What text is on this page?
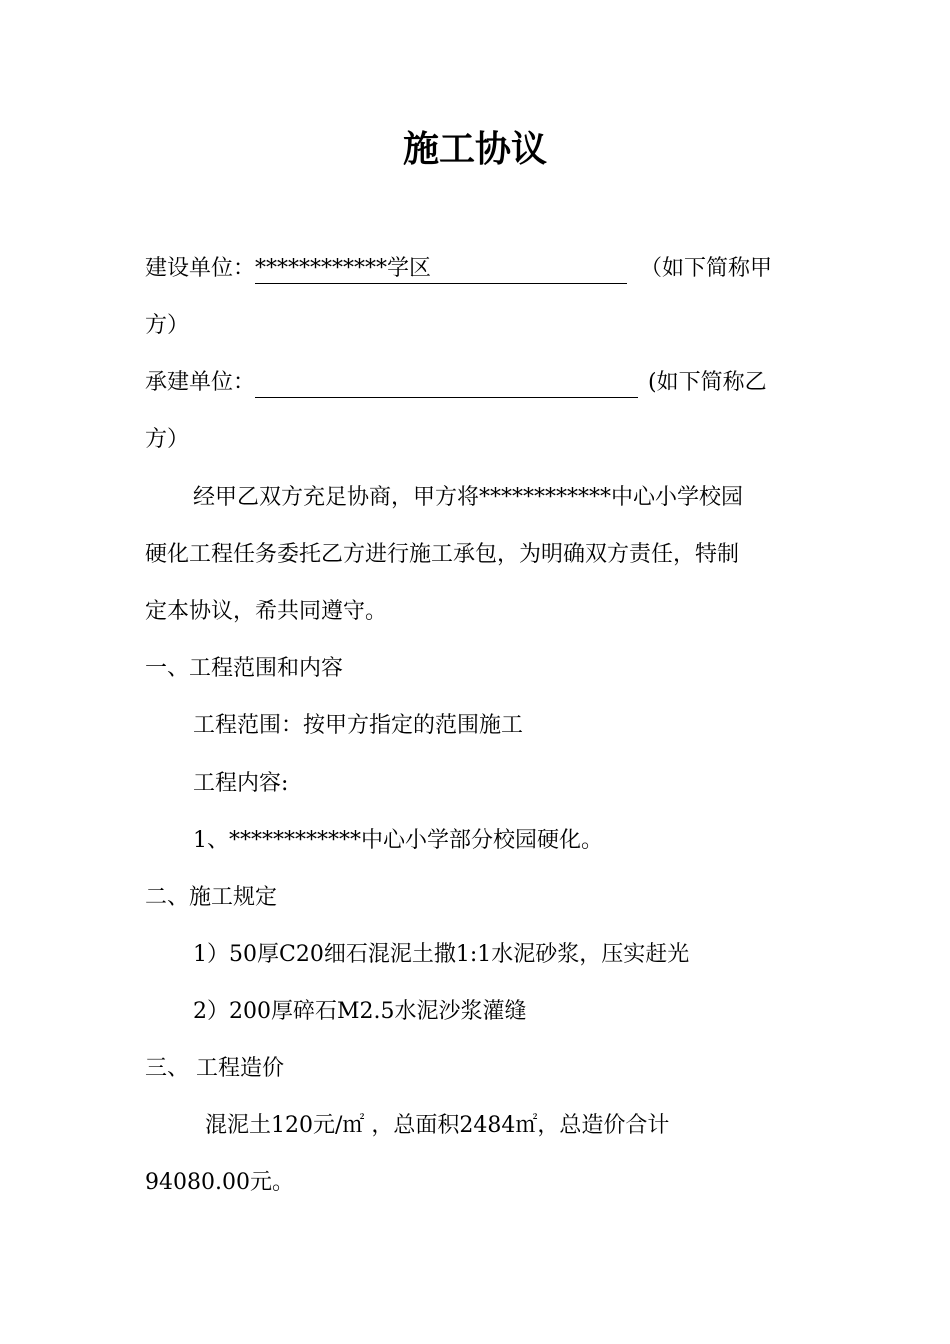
施工协议
建设单位：************学区	（如下简称甲
方）
承建单位：	(如下简称乙
方）
经甲乙双方充足协商，甲方将************中心小学校园
硬化工程任务委托乙方进行施工承包，为明确双方责任，特制
定本协议，希共同遵守。
一、工程范围和内容
工程范围：按甲方指定的范围施工
工程内容:
1、************中心小学部分校园硬化。
二、施工规定
1）50厚C20细石混泥土撒1:1水泥砂浆，压实赶光
2）200厚碎石M2.5水泥沙浆灌缝
三、 工程造价
混泥土120元/㎡ ，总面积2484㎡，总造价合计
94080.00元。
